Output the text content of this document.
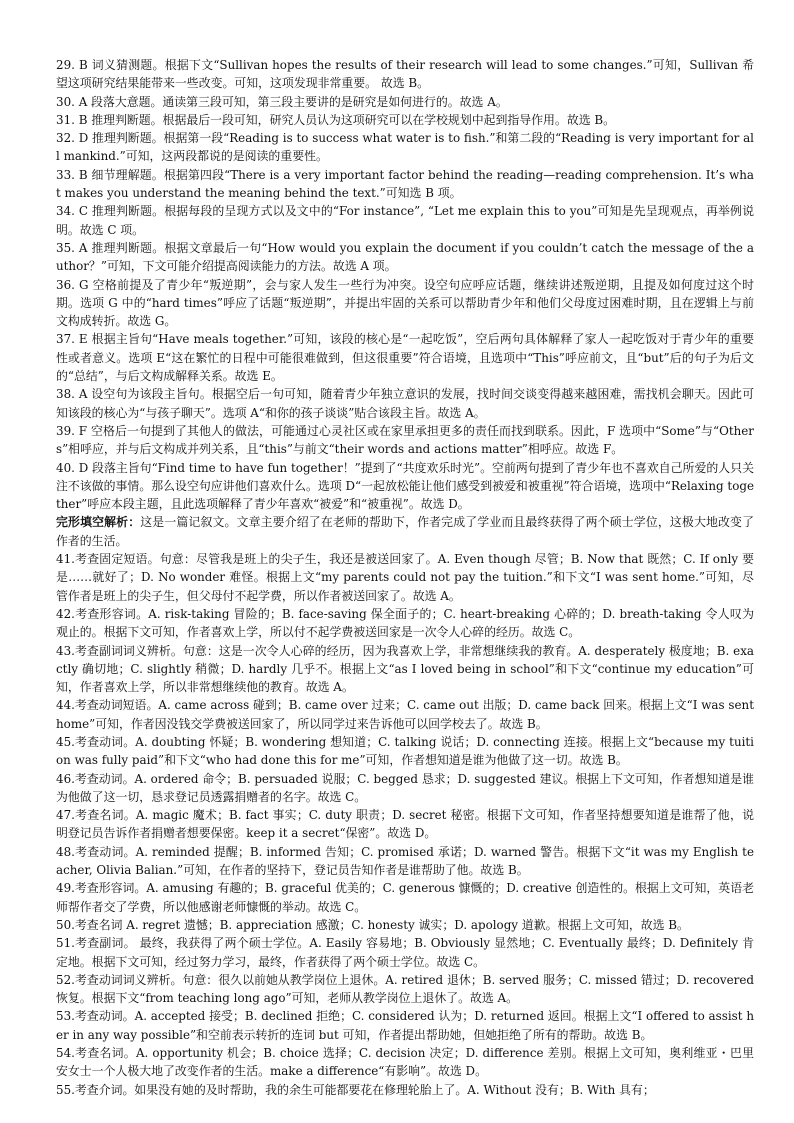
29. B 词义猜测题。根据下文“Sullivan hopes the results of their research will lead to some changes.”可知，Sullivan 希望这项研究结果能带来一些改变。可知，这项发现非常重要。 故选 B。

30. A 段落大意题。通读第三段可知，第三段主要讲的是研究是如何进行的。故选 A。

31. B 推理判断题。根据最后一段可知，研究人员认为这项研究可以在学校规划中起到指导作用。故选 B。

32. D 推理判断题。根据第一段“Reading is to success what water is to fish.”和第二段的“Reading is very important for all mankind.”可知，这两段都说的是阅读的重要性。

33. B 细节理解题。根据第四段“There is a very important factor behind the reading—reading comprehension. It’s what makes you understand the meaning behind the text.”可知选 B 项。

34. C 推理判断题。根据每段的呈现方式以及文中的“For instance”, “Let me explain this to you”可知是先呈现观点，再举例说明。故选 C 项。

35. A 推理判断题。根据文章最后一句“How would you explain the document if you couldn’t catch the message of the author？”可知，下文可能介绍提高阅读能力的方法。故选 A 项。

36. G 空格前提及了青少年“叛逆期”，会与家人发生一些行为冲突。设空句应呼应话题，继续讲述叛逆期，且提及如何度过这个时期。选项 G 中的“hard times”呼应了话题“叛逆期”，并提出牢固的关系可以帮助青少年和他们父母度过困难时期，且在逻辑上与前文构成转折。故选 G。

37. E 根据主旨句“Have meals together.”可知，该段的核心是“一起吃饭”，空后两句具体解释了家人一起吃饭对于青少年的重要性或者意义。选项 E“这在繁忙的日程中可能很难做到，但这很重要”符合语境，且选项中“This”呼应前文，且“but”后的句子为后文的“总结”，与后文构成解释关系。故选 E。

38. A 设空句为该段主旨句。根据空后一句可知，随着青少年独立意识的发展，找时间交谈变得越来越困难，需找机会聊天。因此可知该段的核心为“与孩子聊天”。选项 A“和你的孩子谈谈”贴合该段主旨。故选 A。

39. F 空格后一句提到了其他人的做法，可能通过心灵社区或在家里承担更多的责任而找到联系。因此，F 选项中“Some”与“Others”相呼应，并与后文构成并列关系，且“this”与前文“their words and actions matter”相呼应。故选 F。

40. D 段落主旨句“Find time to have fun together！”提到了“共度欢乐时光”。空前两句提到了青少年也不喜欢自己所爱的人只关注不该做的事情。那么设空句应讲他们喜欢什么。选项 D“一起放松能让他们感受到被爱和被重视”符合语境，选项中“Relaxing together”呼应本段主题，且此选项解释了青少年喜欢“被爱”和“被重视”。故选 D。

完形填空解析：这是一篇记叙文。文章主要介绍了在老师的帮助下，作者完成了学业而且最终获得了两个硕士学位，这极大地改变了作者的生活。

41.考查固定短语。句意：尽管我是班上的尖子生，我还是被送回家了。A. Even though 尽管；B. Now that 既然；C. If only 要是……就好了；D. No wonder 难怪。根据上文“my parents could not pay the tuition.”和下文“I was sent home.”可知，尽管作者是班上的尖子生，但父母付不起学费，所以作者被送回家了。故选 A。

42.考查形容词。A. risk-taking 冒险的；B. face-saving 保全面子的；C. heart-breaking 心碎的；D. breath-taking 令人叹为观止的。根据下文可知，作者喜欢上学，所以付不起学费被送回家是一次令人心碎的经历。故选 C。

43.考查副词词义辨析。句意：这是一次令人心碎的经历，因为我喜欢上学，非常想继续我的教育。A. desperately 极度地；B. exactly 确切地；C. slightly 稍微；D. hardly 几乎不。根据上文“as I loved being in school”和下文“continue my education”可知，作者喜欢上学，所以非常想继续他的教育。故选 A。

44.考查动词短语。A. came across 碰到；B. came over 过来；C. came out 出版；D. came back 回来。根据上文“I was sent home”可知，作者因没钱交学费被送回家了，所以同学过来告诉他可以回学校去了。故选 B。

45.考查动词。A. doubting 怀疑；B. wondering 想知道；C. talking 说话；D. connecting 连接。根据上文“because my tuition was fully paid”和下文“who had done this for me”可知，作者想知道是谁为他做了这一切。故选 B。

46.考查动词。A. ordered 命令；B. persuaded 说服；C. begged 恳求；D. suggested 建议。根据上下文可知，作者想知道是谁为他做了这一切，恳求登记员透露捐赠者的名字。故选 C。

47.考查名词。A. magic 魔术；B. fact 事实；C. duty 职责；D. secret 秘密。根据下文可知，作者坚持想要知道是谁帮了他，说明登记员告诉作者捐赠者想要保密。keep it a secret“保密”。故选 D。

48.考查动词。A. reminded 提醒；B. informed 告知；C. promised 承诺；D. warned 警告。根据下文“it was my English teacher, Olivia Balian.”可知，在作者的坚持下，登记员告知作者是谁帮助了他。故选 B。

49.考查形容词。A. amusing 有趣的；B. graceful 优美的；C. generous 慷慨的；D. creative 创造性的。根据上文可知，英语老师帮作者交了学费，所以他感谢老师慷慨的举动。故选 C。

50.考查名词 A. regret 遗憾；B. appreciation 感激；C. honesty 诚实；D. apology 道歉。根据上文可知，故选 B。

51.考查副词。 最终，我获得了两个硕士学位。A. Easily 容易地；B. Obviously 显然地；C. Eventually 最终；D. Definitely 肯定地。根据下文可知，经过努力学习，最终，作者获得了两个硕士学位。故选 C。

52.考查动词词义辨析。句意：很久以前她从教学岗位上退休。A. retired 退休；B. served 服务；C. missed 错过；D. recovered 恢复。根据下文“from teaching long ago”可知，老师从教学岗位上退休了。故选 A。

53.考查动词。A. accepted 接受；B. declined 拒绝；C. considered 认为；D. returned 返回。根据上文“I offered to assist her in any way possible”和空前表示转折的连词 but 可知，作者提出帮助她，但她拒绝了所有的帮助。故选 B。

54.考查名词。A. opportunity 机会；B. choice 选择；C. decision 决定；D. difference 差别。根据上文可知，奥利维亚・巴里安女士一个人极大地了改变作者的生活。make a difference“有影响”。故选 D。

55.考查介词。如果没有她的及时帮助，我的余生可能都要花在修理轮胎上了。A. Without 没有；B. With 具有；
